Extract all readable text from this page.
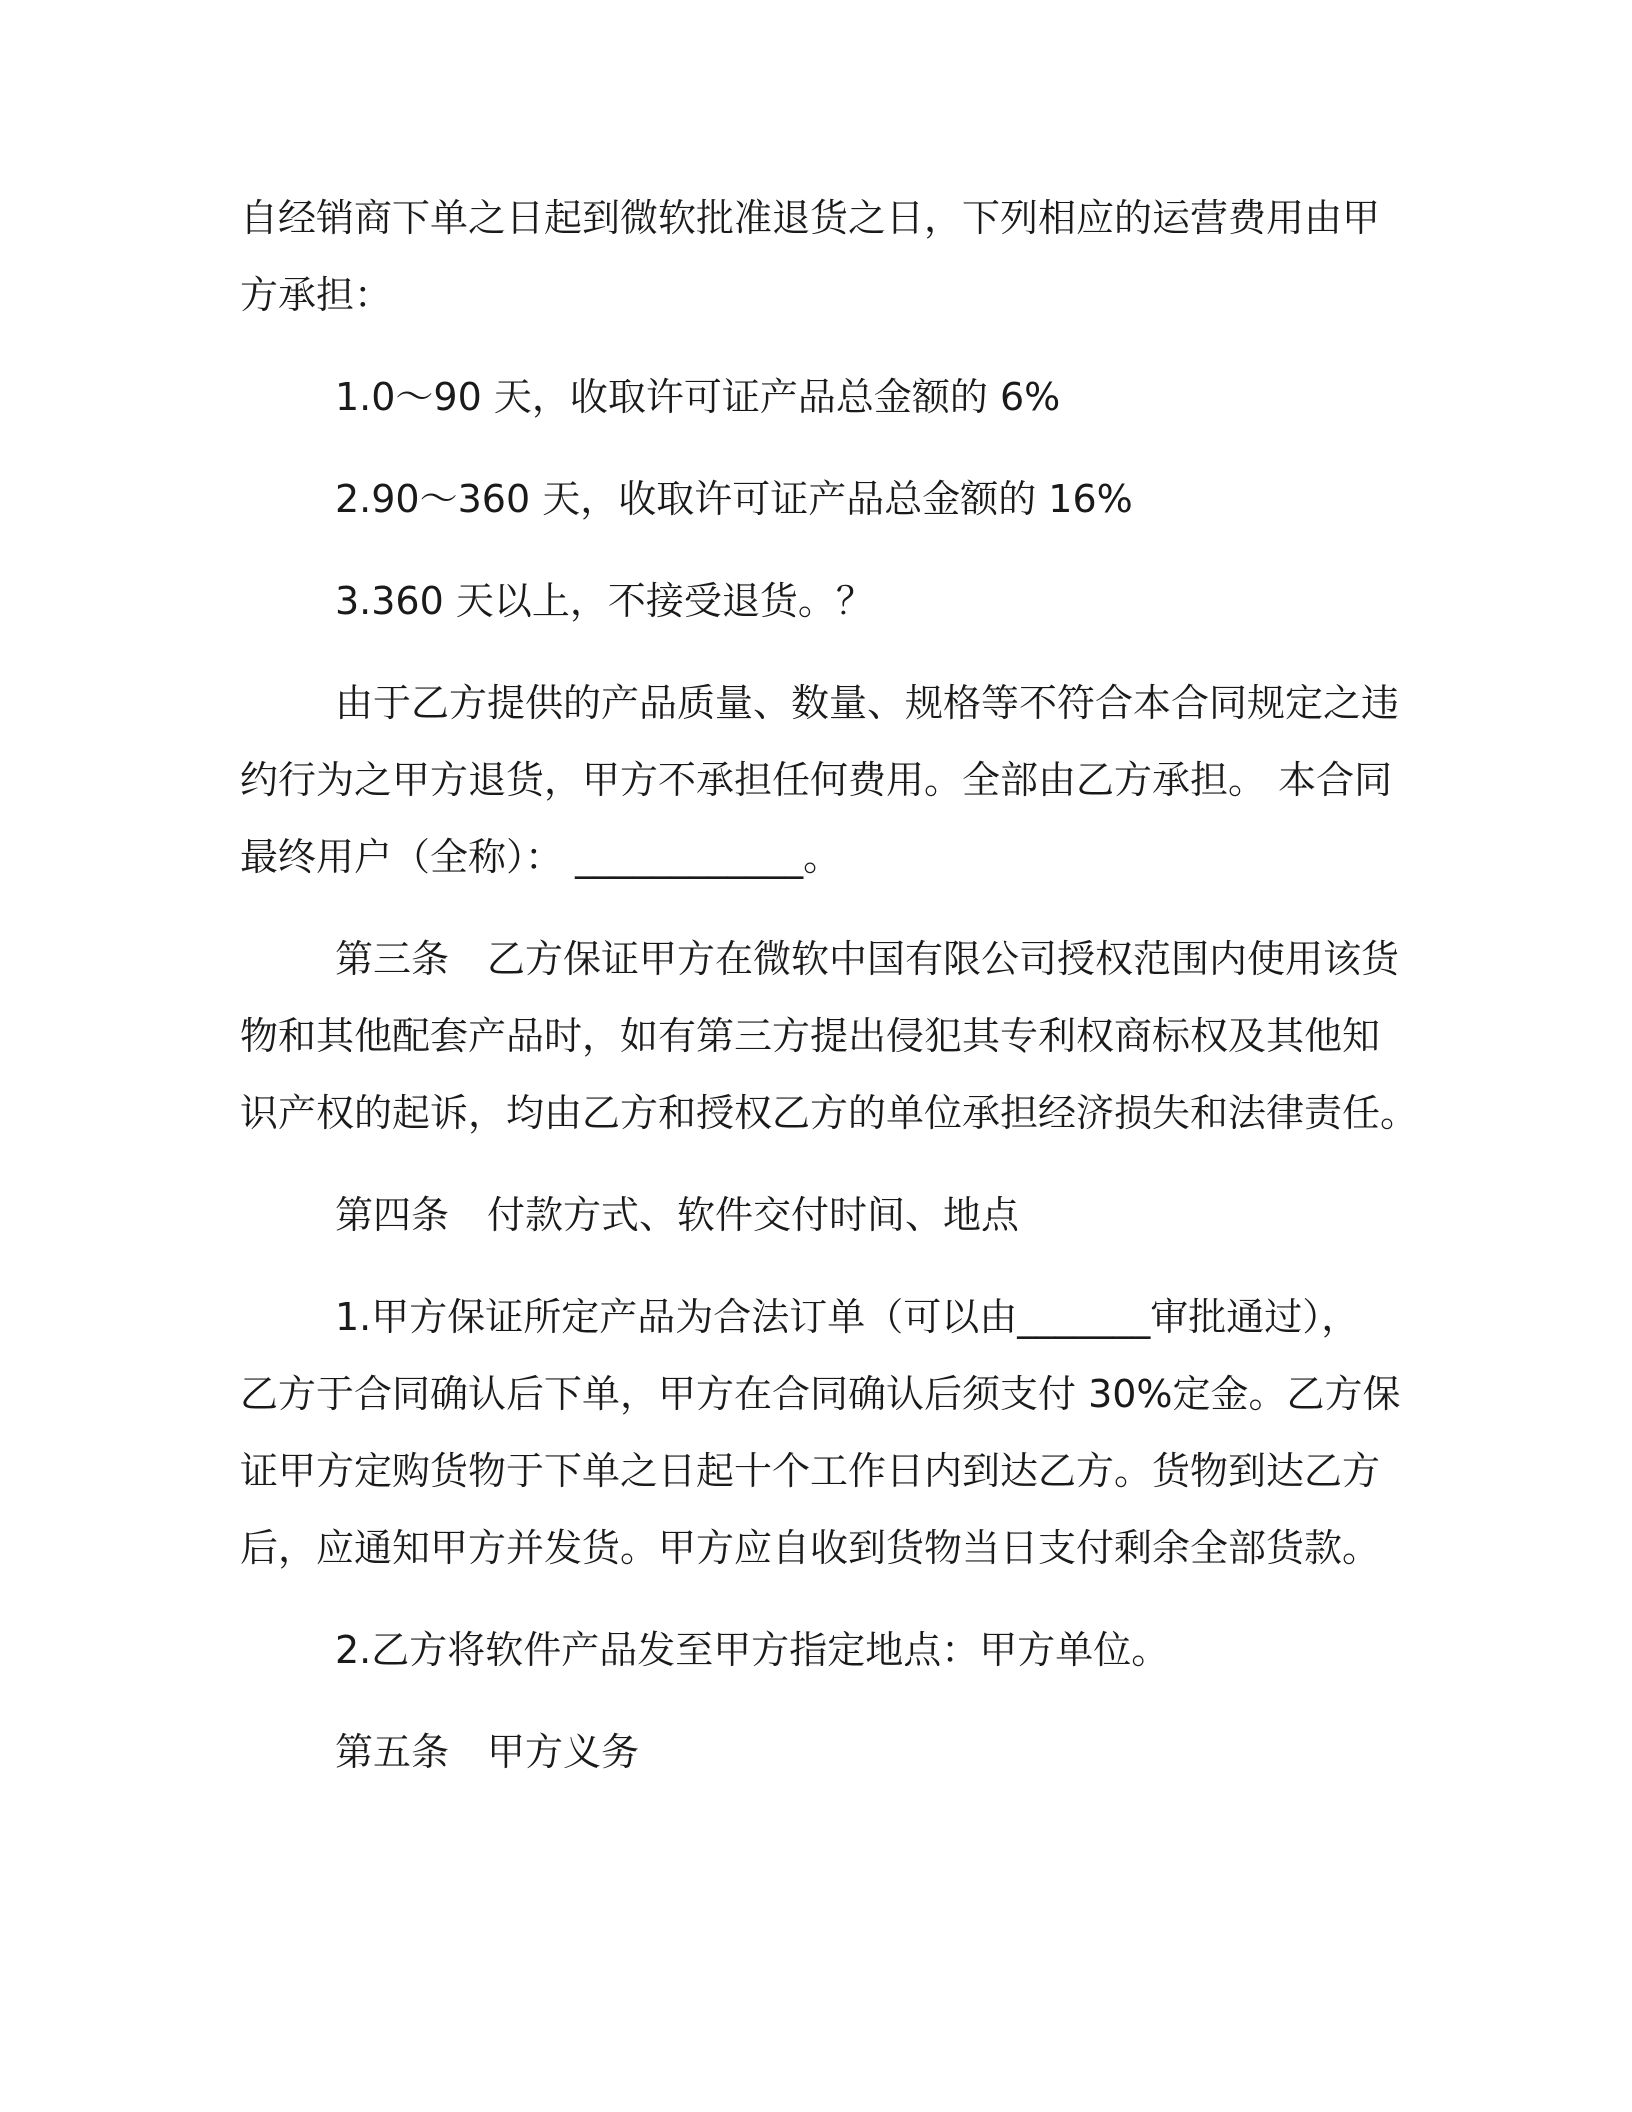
自经销商下单之日起到微软批准退货之日，下列相应的运营费用由甲
方承担：
1.0～90 天，收取许可证产品总金额的 6%
2.90～360 天，收取许可证产品总金额的 16%
3.360 天以上，不接受退货。？
由于乙方提供的产品质量、数量、规格等不符合本合同规定之违
约行为之甲方退货，甲方不承担任何费用。全部由乙方承担。 本合同
最终用户（全称）： ____________。
第三条　乙方保证甲方在微软中国有限公司授权范围内使用该货
物和其他配套产品时，如有第三方提出侵犯其专利权商标权及其他知
识产权的起诉，均由乙方和授权乙方的单位承担经济损失和法律责任。
第四条　付款方式、软件交付时间、地点
1.甲方保证所定产品为合法订单（可以由_______审批通过），
乙方于合同确认后下单，甲方在合同确认后须支付 30%定金。乙方保
证甲方定购货物于下单之日起十个工作日内到达乙方。货物到达乙方
后，应通知甲方并发货。甲方应自收到货物当日支付剩余全部货款。
2.乙方将软件产品发至甲方指定地点：甲方单位。
第五条　甲方义务
